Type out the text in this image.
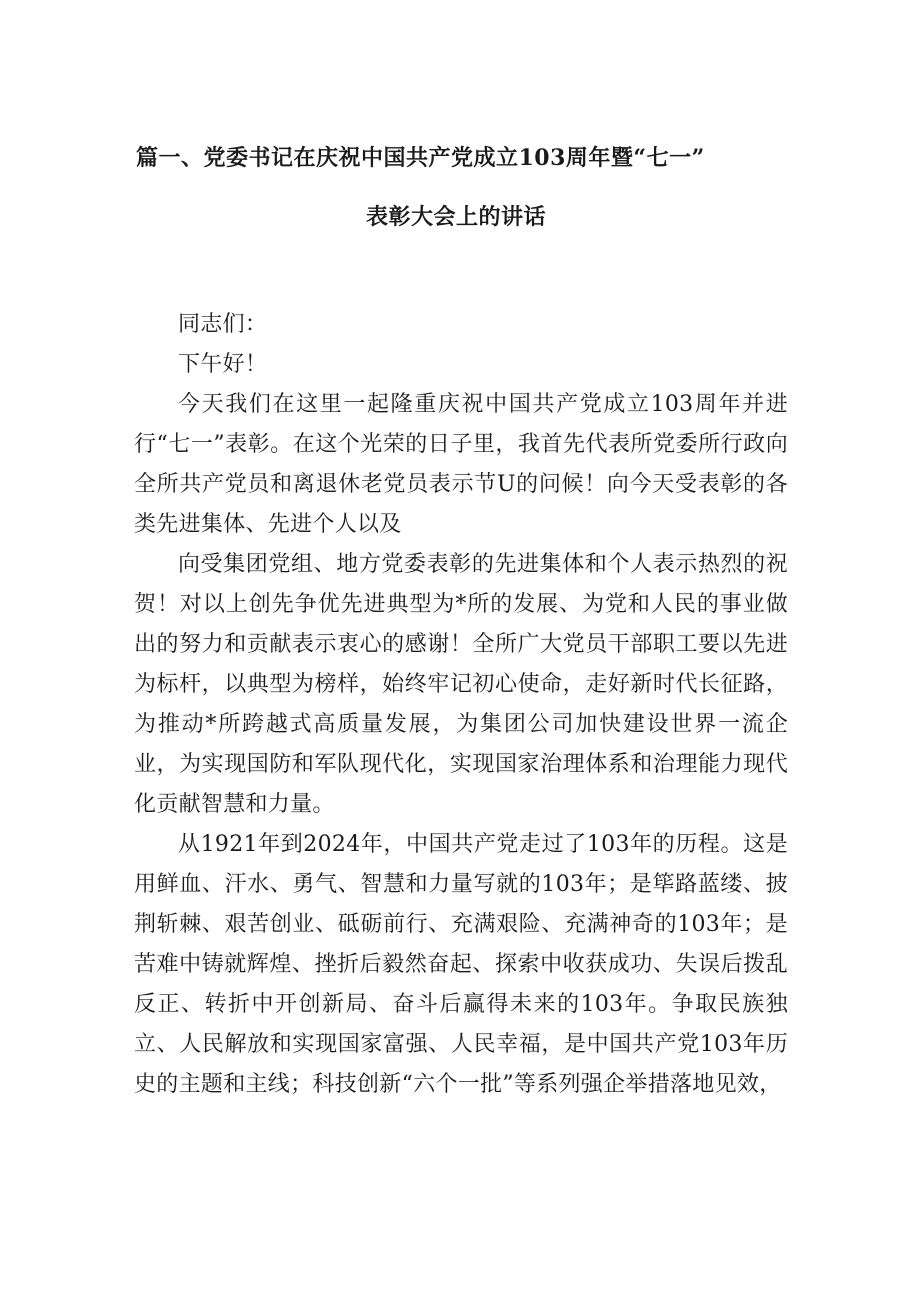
篇一、党委书记在庆祝中国共产党成立103周年暨“七一”
表彰大会上的讲话

同志们：

下午好！

今天我们在这里一起隆重庆祝中国共产党成立103周年并进行“七一”表彰。在这个光荣的日子里，我首先代表所党委所行政向全所共产党员和离退休老党员表示节U的问候！向今天受表彰的各类先进集体、先进个人以及

向受集团党组、地方党委表彰的先进集体和个人表示热烈的祝贺！对以上创先争优先进典型为*所的发展、为党和人民的事业做出的努力和贡献表示衷心的感谢！全所广大党员干部职工要以先进为标杆，以典型为榜样，始终牢记初心使命，走好新时代长征路，为推动*所跨越式高质量发展，为集团公司加快建设世界一流企业，为实现国防和军队现代化，实现国家治理体系和治理能力现代化贡献智慧和力量。

从1921年到2024年，中国共产党走过了103年的历程。这是用鲜血、汗水、勇气、智慧和力量写就的103年；是筚路蓝缕、披荆斩棘、艰苦创业、砥砺前行、充满艰险、充满神奇的103年；是苦难中铸就辉煌、挫折后毅然奋起、探索中收获成功、失误后拨乱反正、转折中开创新局、奋斗后赢得未来的103年。争取民族独立、人民解放和实现国家富强、人民幸福，是中国共产党103年历史的主题和主线；科技创新“六个一批”等系列强企举措落地见效，
